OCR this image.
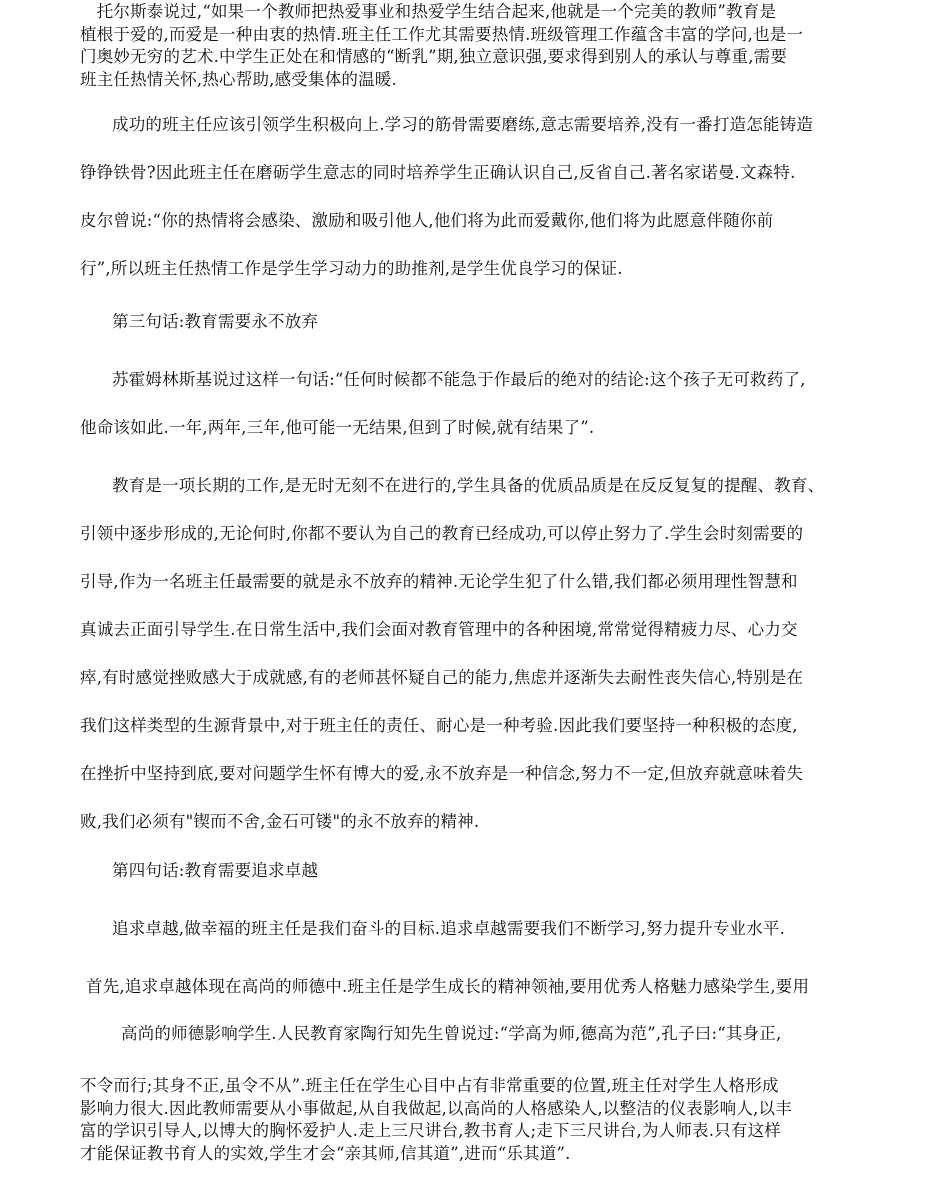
　托尔斯泰说过,“如果一个教师把热爱事业和热爱学生结合起来,他就是一个完美的教师”教育是
植根于爱的,而爱是一种由衷的热情.班主任工作尤其需要热情.班级管理工作蕴含丰富的学问,也是一
门奥妙无穷的艺术.中学生正处在和情感的“断乳”期,独立意识强,要求得到别人的承认与尊重,需要
班主任热情关怀,热心帮助,感受集体的温暖.

成功的班主任应该引领学生积极向上.学习的筋骨需要磨练,意志需要培养,没有一番打造怎能铸造
铮铮铁骨?因此班主任在磨砺学生意志的同时培养学生正确认识自己,反省自己.著名家诺曼.文森特.
皮尔曾说:“你的热情将会感染、激励和吸引他人,他们将为此而爱戴你,他们将为此愿意伴随你前
行”,所以班主任热情工作是学生学习动力的助推剂,是学生优良学习的保证.

第三句话:教育需要永不放弃

苏霍姆林斯基说过这样一句话:“任何时候都不能急于作最后的绝对的结论:这个孩子无可救药了,
他命该如此.一年,两年,三年,他可能一无结果,但到了时候,就有结果了”.

教育是一项长期的工作,是无时无刻不在进行的,学生具备的优质品质是在反反复复的提醒、教育、
引领中逐步形成的,无论何时,你都不要认为自己的教育已经成功,可以停止努力了.学生会时刻需要的
引导,作为一名班主任最需要的就是永不放弃的精神.无论学生犯了什么错,我们都必须用理性智慧和
真诚去正面引导学生.在日常生活中,我们会面对教育管理中的各种困境,常常觉得精疲力尽、心力交
瘁,有时感觉挫败感大于成就感,有的老师甚怀疑自己的能力,焦虑并逐渐失去耐性丧失信心,特别是在
我们这样类型的生源背景中,对于班主任的责任、耐心是一种考验.因此我们要坚持一种积极的态度,
在挫折中坚持到底,要对问题学生怀有博大的爱,永不放弃是一种信念,努力不一定,但放弃就意味着失
败,我们必须有"锲而不舍,金石可镂"的永不放弃的精神.

第四句话:教育需要追求卓越

追求卓越,做幸福的班主任是我们奋斗的目标.追求卓越需要我们不断学习,努力提升专业水平.

首先,追求卓越体现在高尚的师德中.班主任是学生成长的精神领袖,要用优秀人格魅力感染学生,要用

高尚的师德影响学生.人民教育家陶行知先生曾说过:“学高为师,德高为范”,孔子曰:“其身正,

不令而行;其身不正,虽令不从”.班主任在学生心目中占有非常重要的位置,班主任对学生人格形成
影响力很大.因此教师需要从小事做起,从自我做起,以高尚的人格感染人,以整洁的仪表影响人,以丰
富的学识引导人,以博大的胸怀爱护人.走上三尺讲台,教书育人;走下三尺讲台,为人师表.只有这样
才能保证教书育人的实效,学生才会“亲其师,信其道”,进而“乐其道”.
